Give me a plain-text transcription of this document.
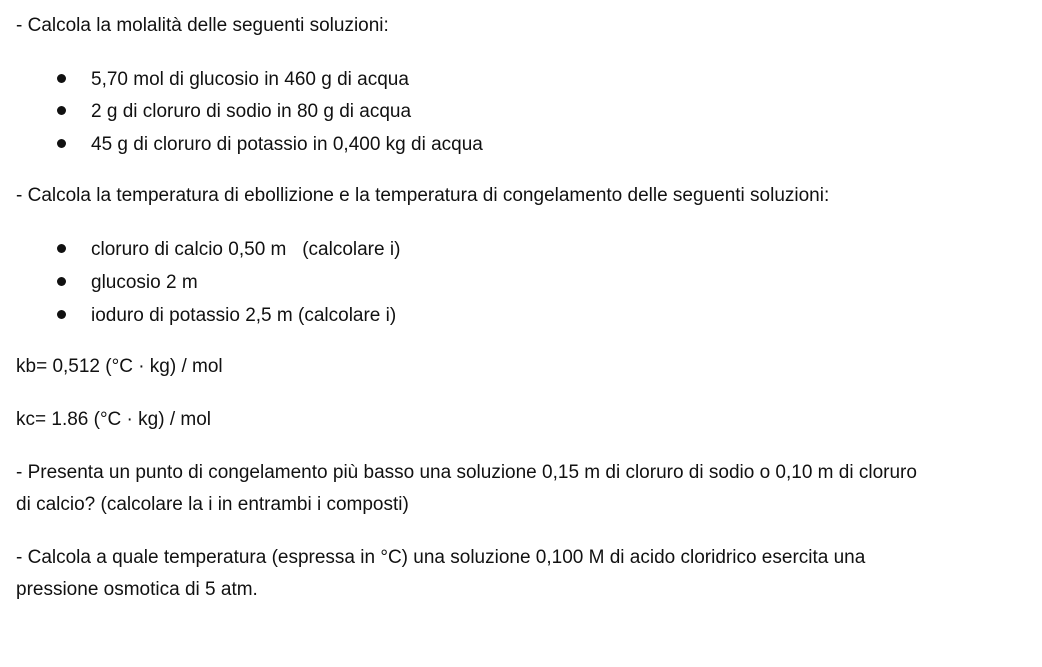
- Calcola la molalità delle seguenti soluzioni:
5,70 mol di glucosio in 460 g di acqua
2 g di cloruro di sodio in 80 g di acqua
45 g di cloruro di potassio in 0,400 kg di acqua
- Calcola la temperatura di ebollizione e la temperatura di congelamento delle seguenti soluzioni:
cloruro di calcio 0,50 m   (calcolare i)
glucosio 2 m
ioduro di potassio 2,5 m (calcolare i)
kb= 0,512 (°C · kg) / mol
kc= 1.86 (°C · kg) / mol
- Presenta un punto di congelamento più basso una soluzione 0,15 m di cloruro di sodio o 0,10 m di cloruro
di calcio? (calcolare la i in entrambi i composti)
- Calcola a quale temperatura (espressa in °C) una soluzione 0,100 M di acido cloridrico esercita una
pressione osmotica di 5 atm.
